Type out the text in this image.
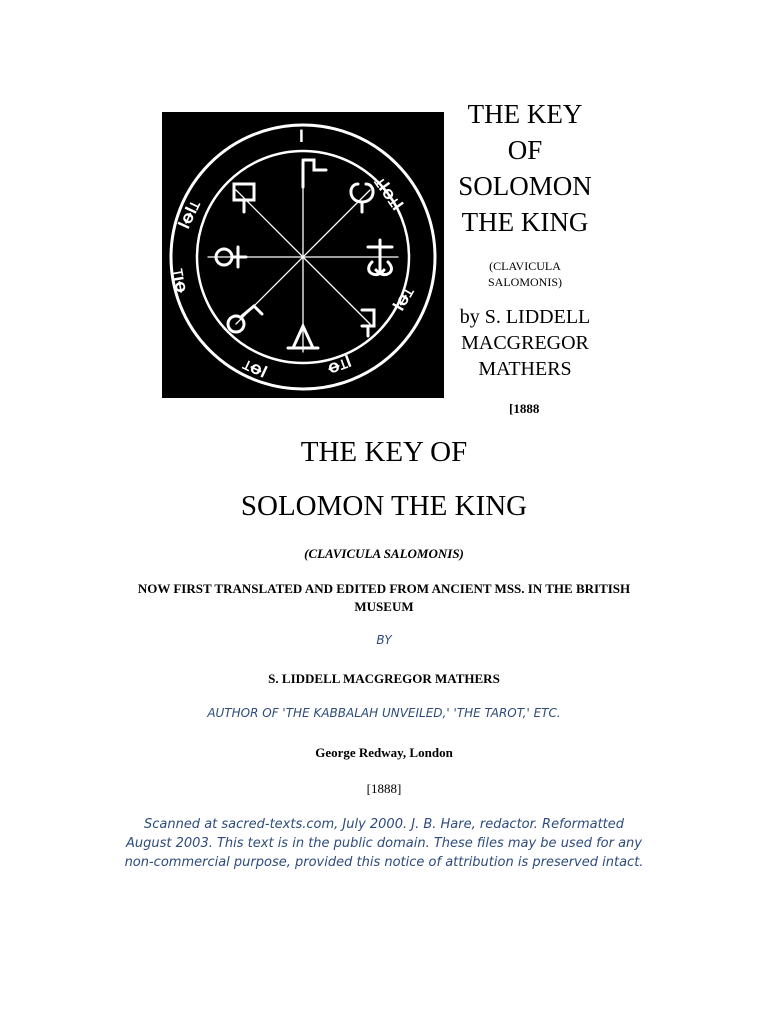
ꟾ
ꟾꝊꟾꞱ
ꞱꟾꝊꞱꟾ
ꝊꟾꞱ
ꟾꝊꞱ
ꞱꝊꟾ	ꝊꞱꟾ
THE KEY
OF
SOLOMON
THE KING
(CLAVICULA
SALOMONIS)
by S. LIDDELL
MACGREGOR
MATHERS
[1888
THE KEY OF
SOLOMON THE KING
(CLAVICULA SALOMONIS)
NOW FIRST TRANSLATED AND EDITED FROM ANCIENT MSS. IN THE BRITISH MUSEUM
BY
S. LIDDELL MACGREGOR MATHERS
AUTHOR OF 'THE KABBALAH UNVEILED,' 'THE TAROT,' ETC.
George Redway, London
[1888]
Scanned at sacred-texts.com, July 2000. J. B. Hare, redactor. Reformatted August 2003. This text is in the public domain. These files may be used for any non-commercial purpose, provided this notice of attribution is preserved intact.
